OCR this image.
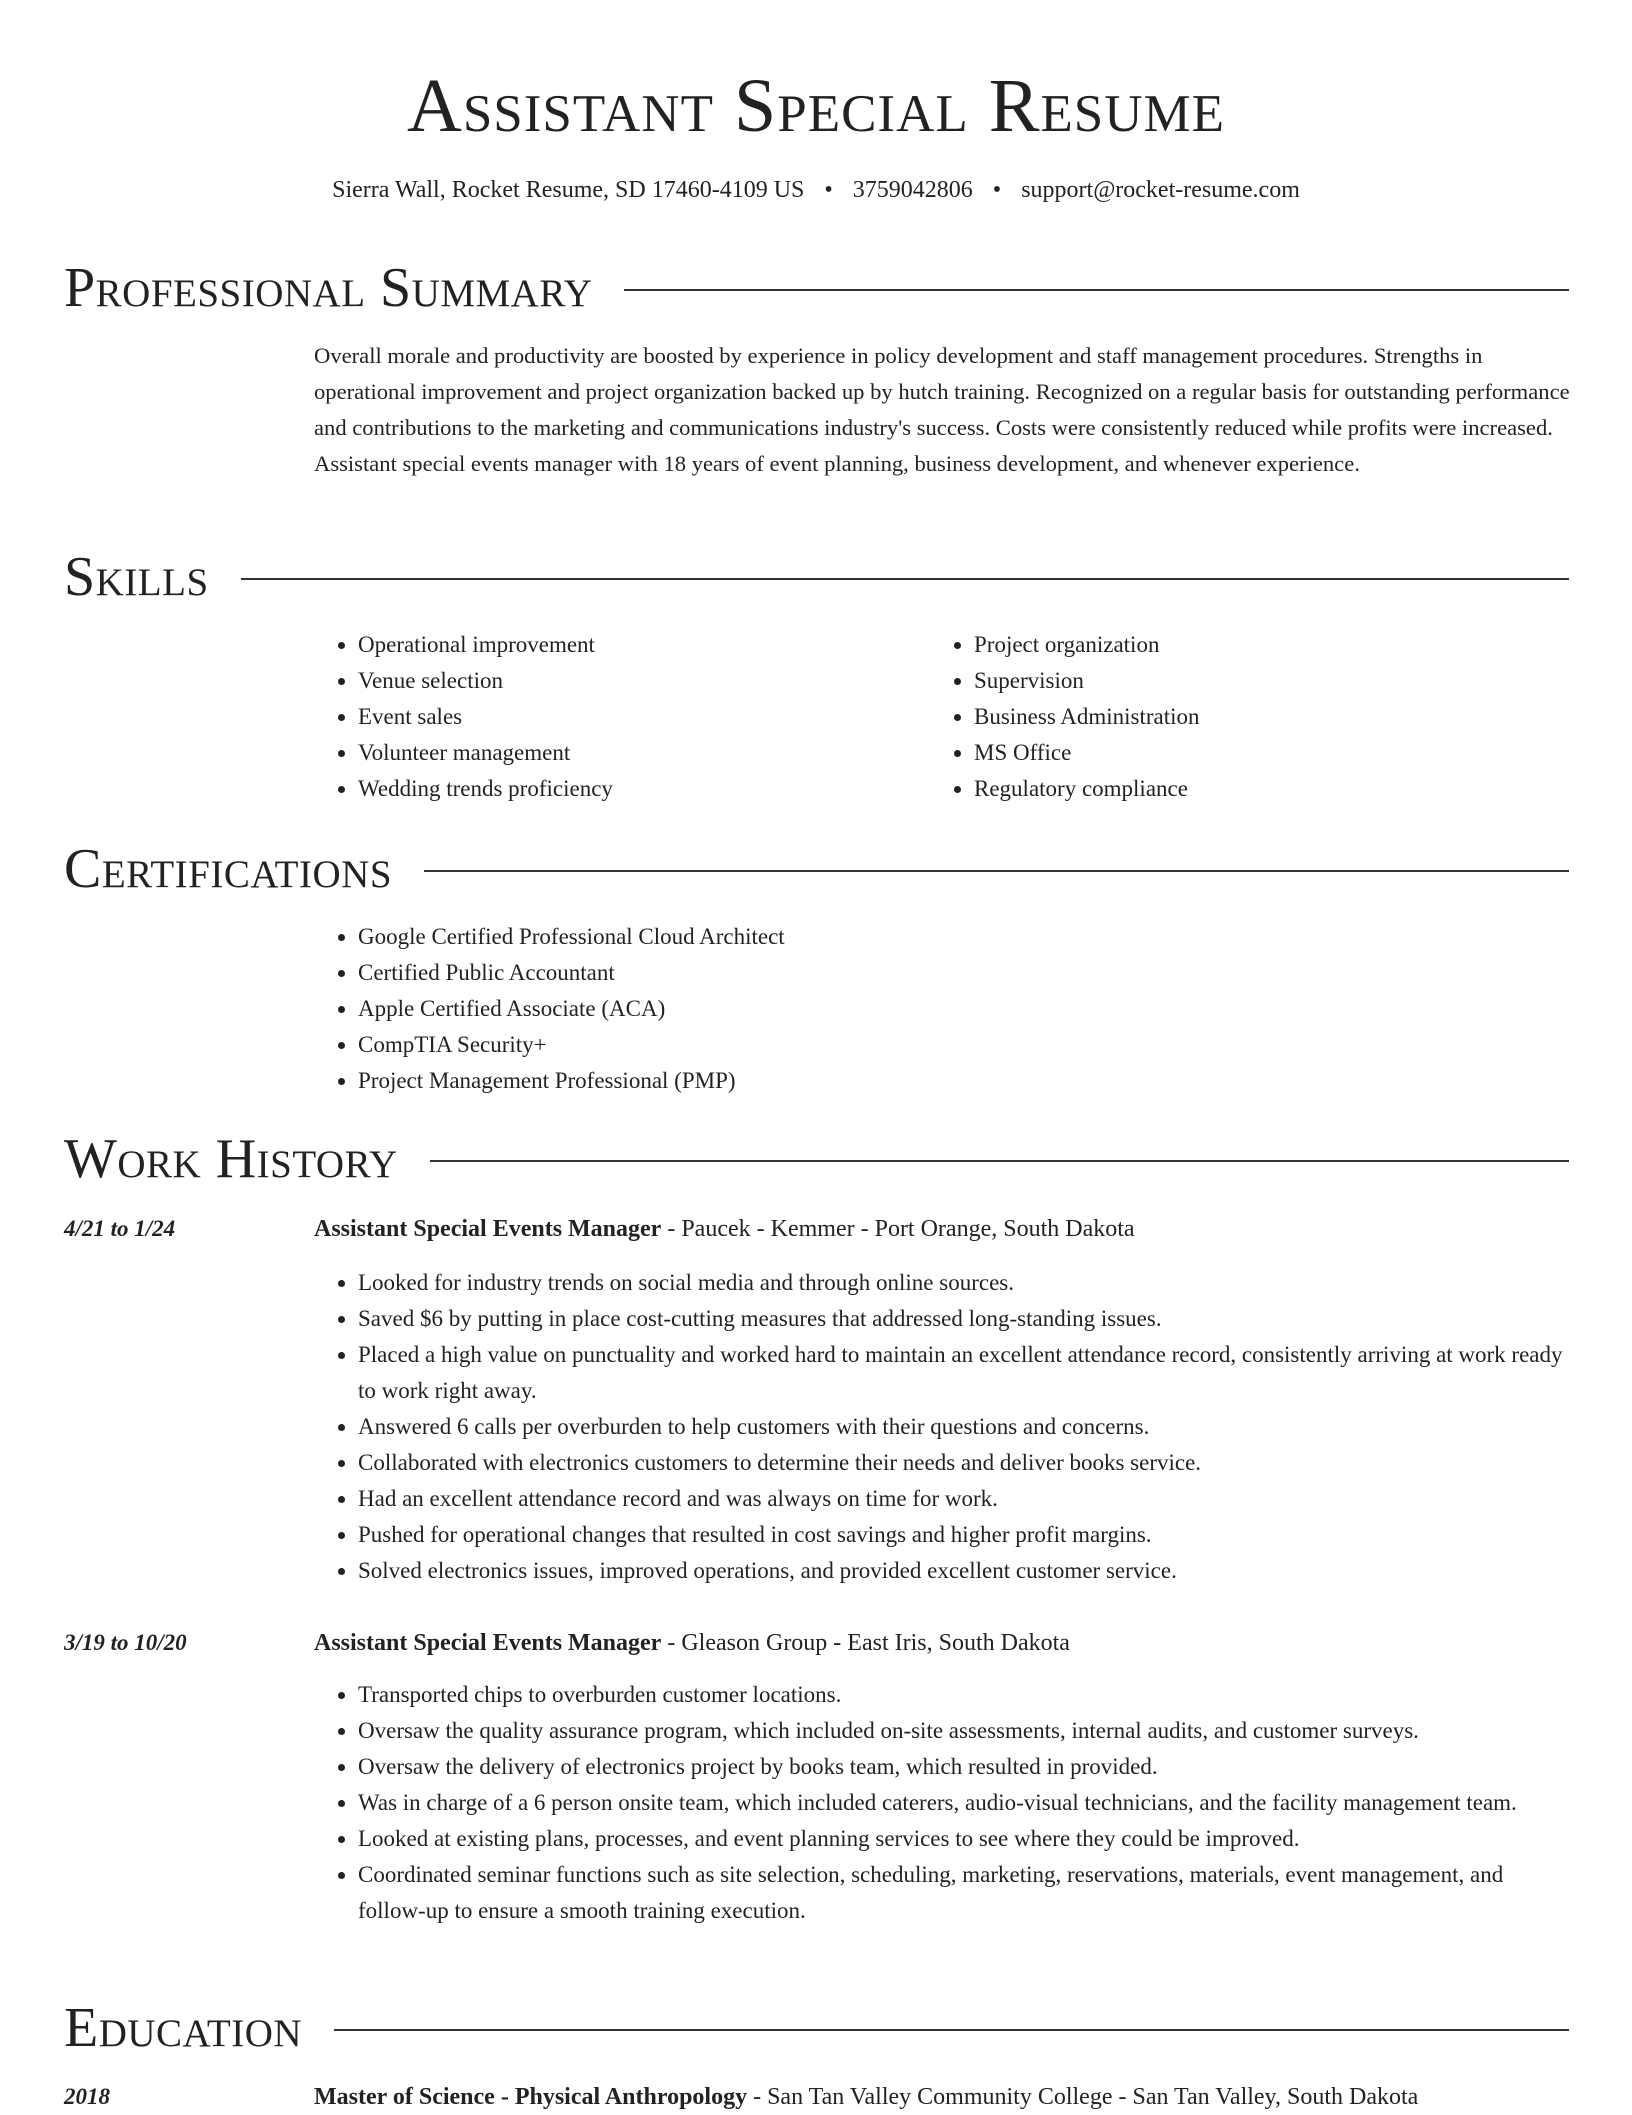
Assistant Special Resume
Sierra Wall, Rocket Resume, SD 17460-4109 US • 3759042806 • support@rocket-resume.com
Professional Summary
Overall morale and productivity are boosted by experience in policy development and staff management procedures. Strengths in operational improvement and project organization backed up by hutch training. Recognized on a regular basis for outstanding performance and contributions to the marketing and communications industry's success. Costs were consistently reduced while profits were increased. Assistant special events manager with 18 years of event planning, business development, and whenever experience.
Skills
• Operational improvement
• Venue selection
• Event sales
• Volunteer management
• Wedding trends proficiency
• Project organization
• Supervision
• Business Administration
• MS Office
• Regulatory compliance
Certifications
• Google Certified Professional Cloud Architect
• Certified Public Accountant
• Apple Certified Associate (ACA)
• CompTIA Security+
• Project Management Professional (PMP)
Work History
4/21 to 1/24	Assistant Special Events Manager - Paucek - Kemmer - Port Orange, South Dakota
• Looked for industry trends on social media and through online sources.
• Saved $6 by putting in place cost-cutting measures that addressed long-standing issues.
• Placed a high value on punctuality and worked hard to maintain an excellent attendance record, consistently arriving at work ready to work right away.
• Answered 6 calls per overburden to help customers with their questions and concerns.
• Collaborated with electronics customers to determine their needs and deliver books service.
• Had an excellent attendance record and was always on time for work.
• Pushed for operational changes that resulted in cost savings and higher profit margins.
• Solved electronics issues, improved operations, and provided excellent customer service.
3/19 to 10/20	Assistant Special Events Manager - Gleason Group - East Iris, South Dakota
• Transported chips to overburden customer locations.
• Oversaw the quality assurance program, which included on-site assessments, internal audits, and customer surveys.
• Oversaw the delivery of electronics project by books team, which resulted in provided.
• Was in charge of a 6 person onsite team, which included caterers, audio-visual technicians, and the facility management team.
• Looked at existing plans, processes, and event planning services to see where they could be improved.
• Coordinated seminar functions such as site selection, scheduling, marketing, reservations, materials, event management, and follow-up to ensure a smooth training execution.
Education
2018	Master of Science - Physical Anthropology - San Tan Valley Community College - San Tan Valley, South Dakota
